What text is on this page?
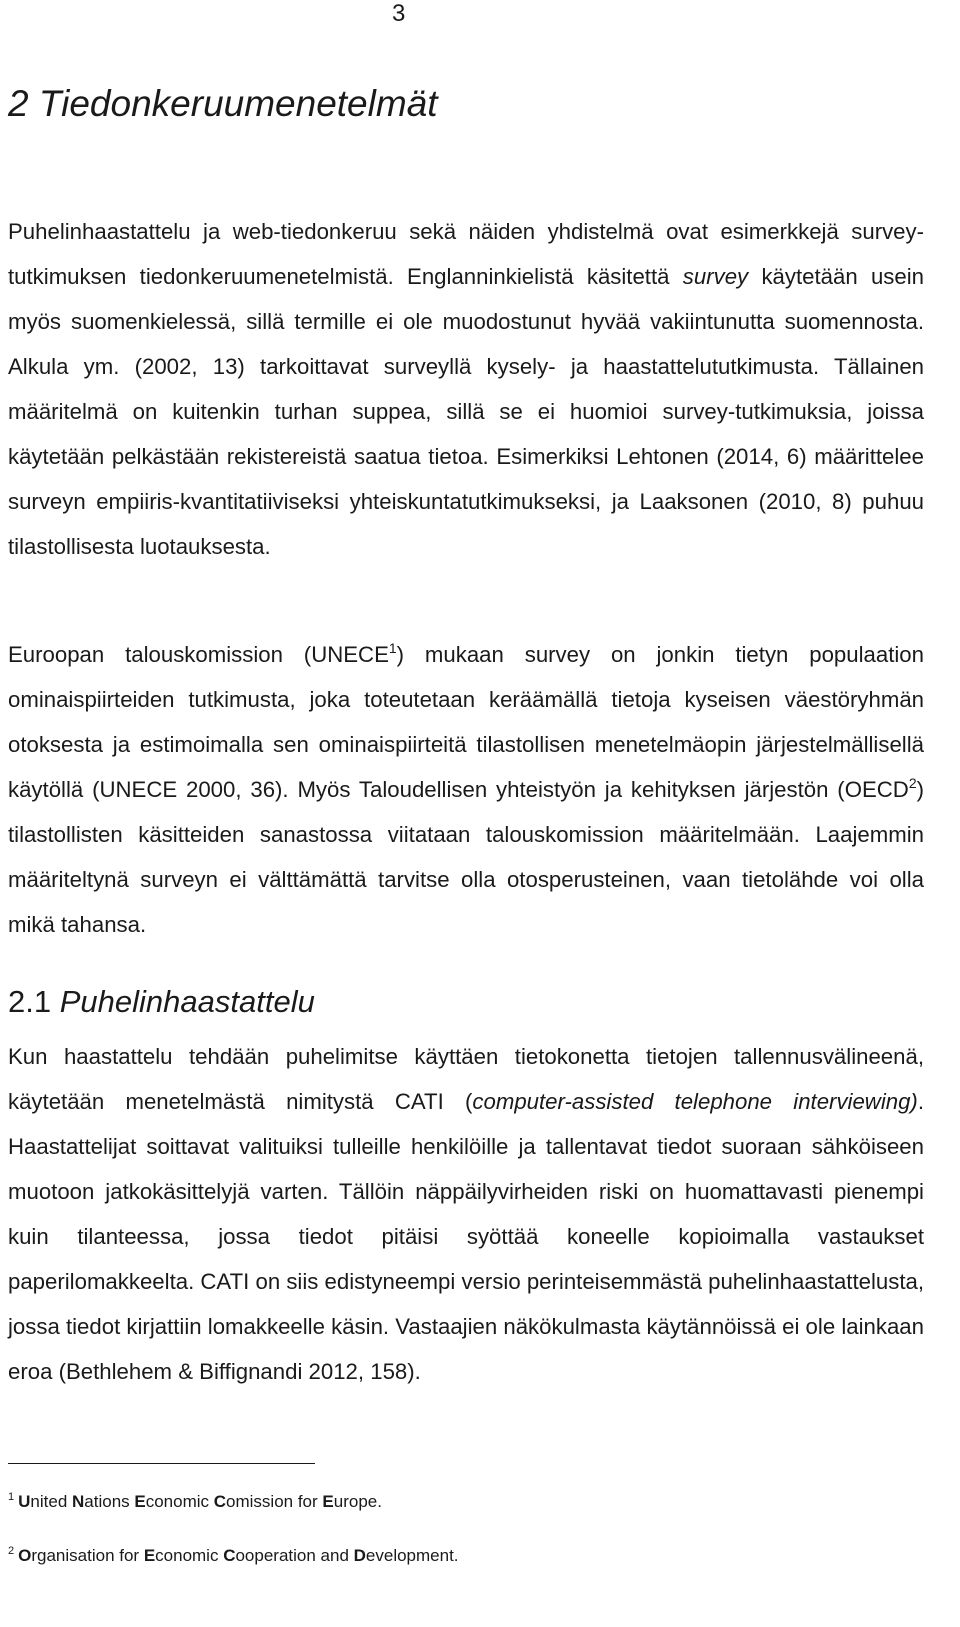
3
2 Tiedonkeruumenetelmät

Puhelinhaastattelu ja web-tiedonkeruu sekä näiden yhdistelmä ovat esimerkkejä survey-tutkimuksen tiedonkeruumenetelmistä. Englanninkielistä käsitettä survey käytetään usein myös suomenkielessä, sillä termille ei ole muodostunut hyvää vakiintunutta suomennosta. Alkula ym. (2002, 13) tarkoittavat surveyllä kysely- ja haastattelututkimusta. Tällainen määritelmä on kuitenkin turhan suppea, sillä se ei huomioi survey-tutkimuksia, joissa käytetään pelkästään rekistereistä saatua tietoa. Esimerkiksi Lehtonen (2014, 6) määrittelee surveyn empiiris-kvantitatiiviseksi yhteiskuntatutkimukseksi, ja Laaksonen (2010, 8) puhuu tilastollisesta luotauksesta.

Euroopan talouskomission (UNECE$^1$) mukaan survey on jonkin tietyn populaation ominaispiirteiden tutkimusta, joka toteutetaan keräämällä tietoja kyseisen väestöryhmän otoksesta ja estimoimalla sen ominaispiirteitä tilastollisen menetelmäopin järjestelmällisellä käytöllä (UNECE 2000, 36). Myös Taloudellisen yhteistyön ja kehityksen järjestön (OECD$^2$) tilastollisten käsitteiden sanastossa viitataan talouskomission määritelmään. Laajemmin määriteltynä surveyn ei välttämättä tarvitse olla otosperusteinen, vaan tietolähde voi olla mikä tahansa.

2.1 Puhelinhaastattelu

Kun haastattelu tehdään puhelimitse käyttäen tietokonetta tietojen tallennusvälineenä, käytetään menetelmästä nimitystä CATI (computer-assisted telephone interviewing). Haastattelijat soittavat valituiksi tulleille henkilöille ja tallentavat tiedot suoraan sähköiseen muotoon jatkokäsittelyjä varten. Tällöin näppäilyvirheiden riski on huomattavasti pienempi kuin tilanteessa, jossa tiedot pitäisi syöttää koneelle kopioimalla vastaukset paperilomakkeelta. CATI on siis edistyneempi versio perinteisemmästä puhelinhaastattelusta, jossa tiedot kirjattiin lomakkeelle käsin. Vastaajien näkökulmasta käytännöissä ei ole lainkaan eroa (Bethlehem & Biffignandi 2012, 158).

$^1$ United Nations Economic Comission for Europe.

$^2$ Organisation for Economic Cooperation and Development.
